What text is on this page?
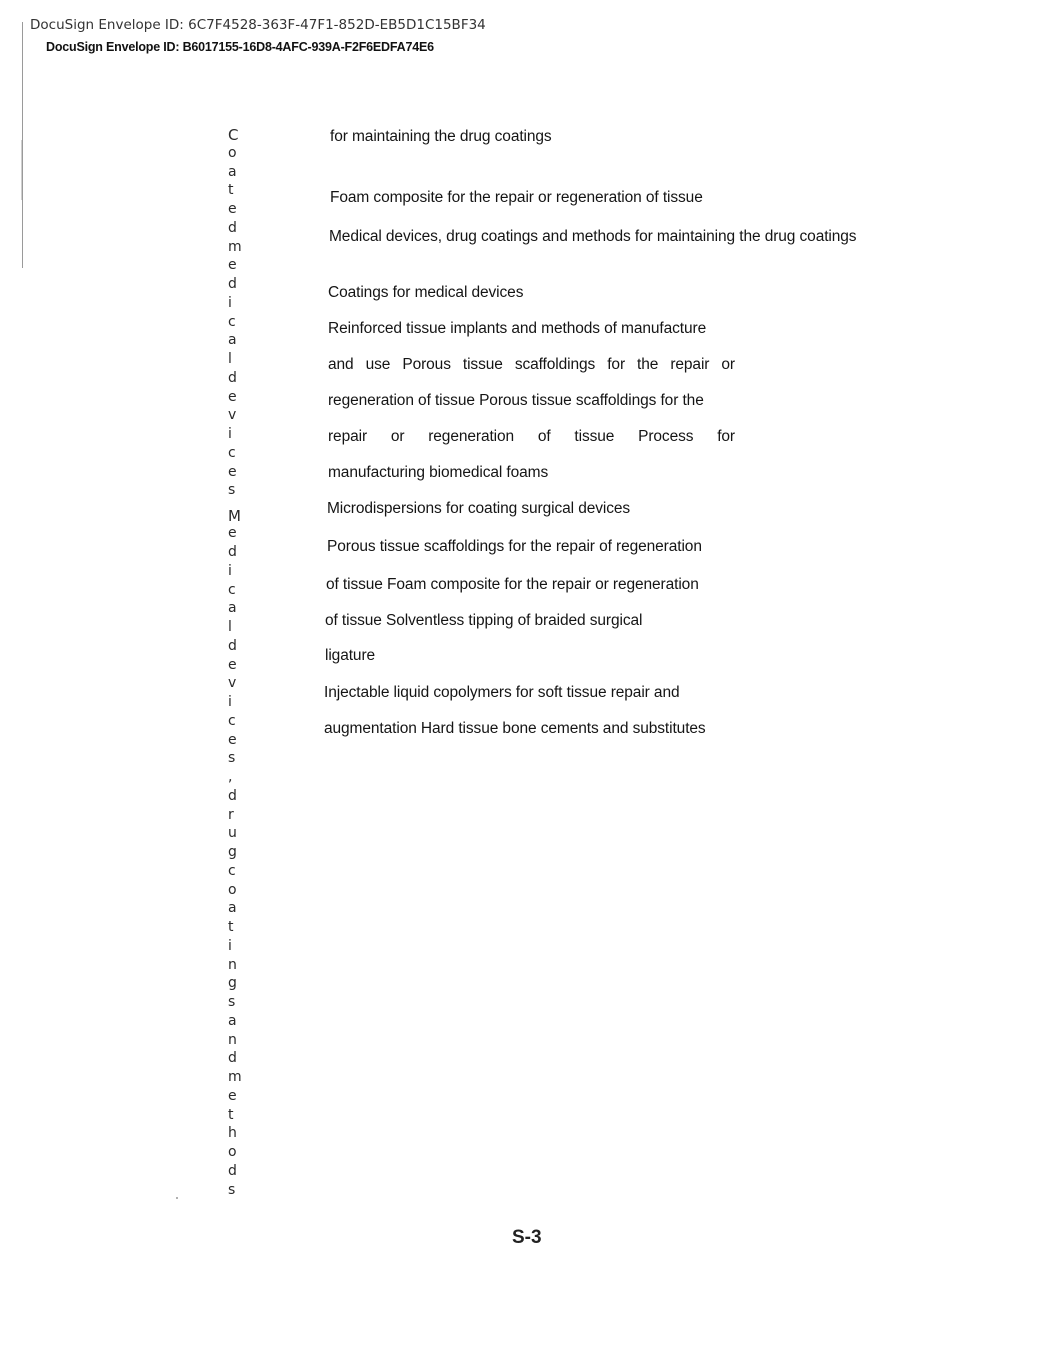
DocuSign Envelope ID: 6C7F4528-363F-47F1-852D-EB5D1C15BF34
DocuSign Envelope ID: B6017155-16D8-4AFC-939A-F2F6EDFA74E6
C
o
a
t
e
d
m
e
d
i
c
a
l
d
e
v
i
c
e
s
M
e
d
i
c
a
l
d
e
v
i
c
e
s
,
d
r
u
g
c
o
a
t
i
n
g
s
a
n
d
m
e
t
h
o
d
s
for maintaining the drug coatings
Foam composite for the repair or regeneration of tissue
Medical devices, drug coatings and methods for maintaining the drug coatings
Coatings for medical devices
Reinforced tissue implants and methods of manufacture
and use Porous tissue scaffoldings for the repair or
regeneration of tissue Porous tissue scaffoldings for the
repair or regeneration of tissue Process for
manufacturing biomedical foams
Microdispersions for coating surgical devices
Porous tissue scaffoldings for the repair of regeneration
of tissue Foam composite for the repair or regeneration
of tissue Solventless tipping of braided surgical
ligature
Injectable liquid copolymers for soft tissue repair and
augmentation Hard tissue bone cements and substitutes
S-3
